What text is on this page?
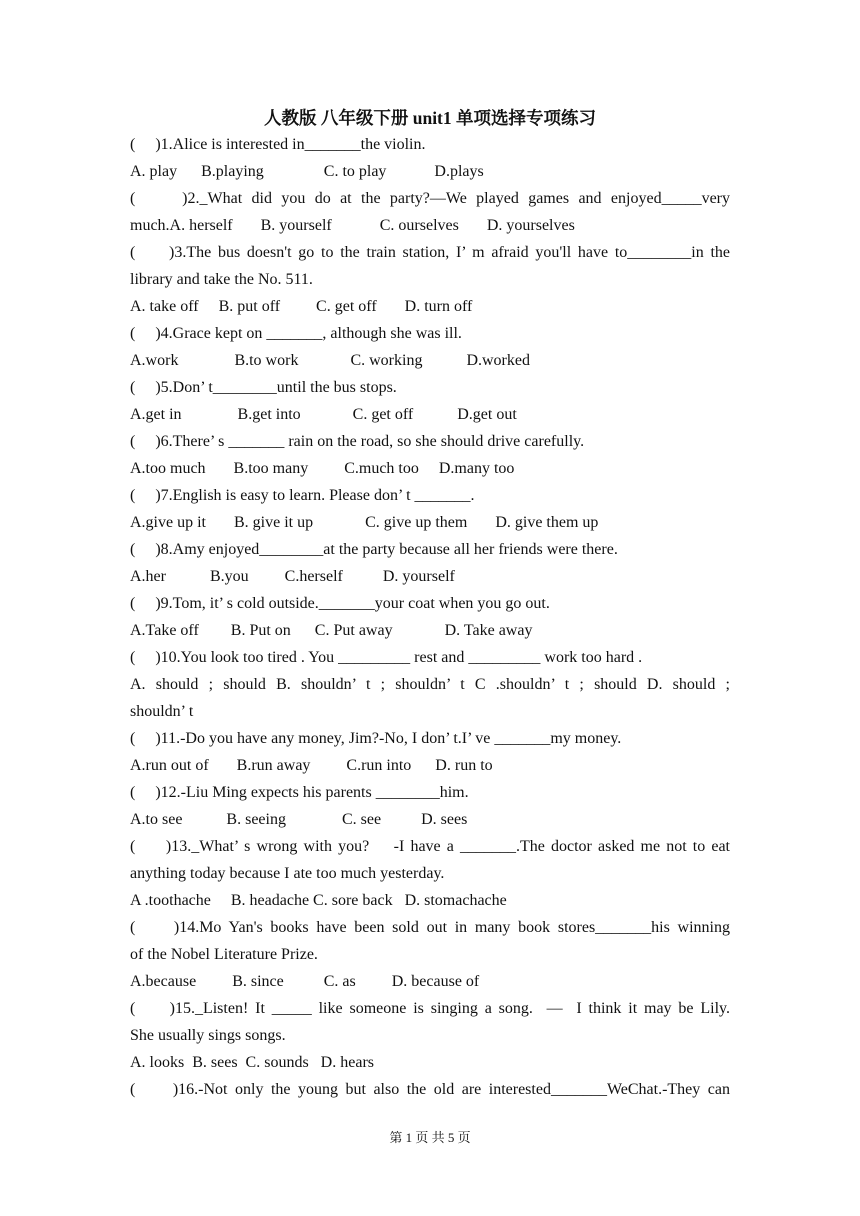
人教版 八年级下册 unit1 单项选择专项练习
(     )1.Alice is interested in_______the violin.
A. play      B.playing               C. to play            D.plays
(     )2._What did you do at the party?—We played games and enjoyed_____very
much.A. herself       B. yourself            C. ourselves       D. yourselves
(     )3.The bus doesn't go to the train station, I’ m afraid you'll have to________in the
library and take the No. 511.
A. take off     B. put off         C. get off       D. turn off
(     )4.Grace kept on _______, although she was ill.
A.work              B.to work             C. working           D.worked
(     )5.Don’ t________until the bus stops.
A.get in              B.get into             C. get off           D.get out
(     )6.There’ s _______ rain on the road, so she should drive carefully.
A.too much       B.too many         C.much too     D.many too
(     )7.English is easy to learn. Please don’ t _______.
A.give up it       B. give it up             C. give up them       D. give them up
(     )8.Amy enjoyed________at the party because all her friends were there.
A.her           B.you         C.herself          D. yourself
(     )9.Tom, it’ s cold outside._______your coat when you go out.
A.Take off        B. Put on      C. Put away             D. Take away
(     )10.You look too tired . You _________ rest and _________ work too hard .
A. should ; should B. shouldn’ t ; shouldn’ t C .shouldn’ t ; should D. should ;
shouldn’ t
(     )11.-Do you have any money, Jim?-No, I don’ t.I’ ve _______my money.
A.run out of       B.run away         C.run into      D. run to
(     )12.-Liu Ming expects his parents ________him.
A.to see           B. seeing              C. see          D. sees
(     )13._What’ s wrong with you?    -I have a _______.The doctor asked me not to eat
anything today because I ate too much yesterday.
A .toothache     B. headache C. sore back   D. stomachache
(     )14.Mo Yan's books have been sold out in many book stores_______his winning
of the Nobel Literature Prize.
A.because         B. since          C. as         D. because of
(     )15._Listen! It _____ like someone is singing a song.  —  I think it may be Lily.
She usually sings songs.
A. looks  B. sees  C. sounds   D. hears
(     )16.-Not only the young but also the old are interested_______WeChat.-They can
第 1 页 共 5 页
